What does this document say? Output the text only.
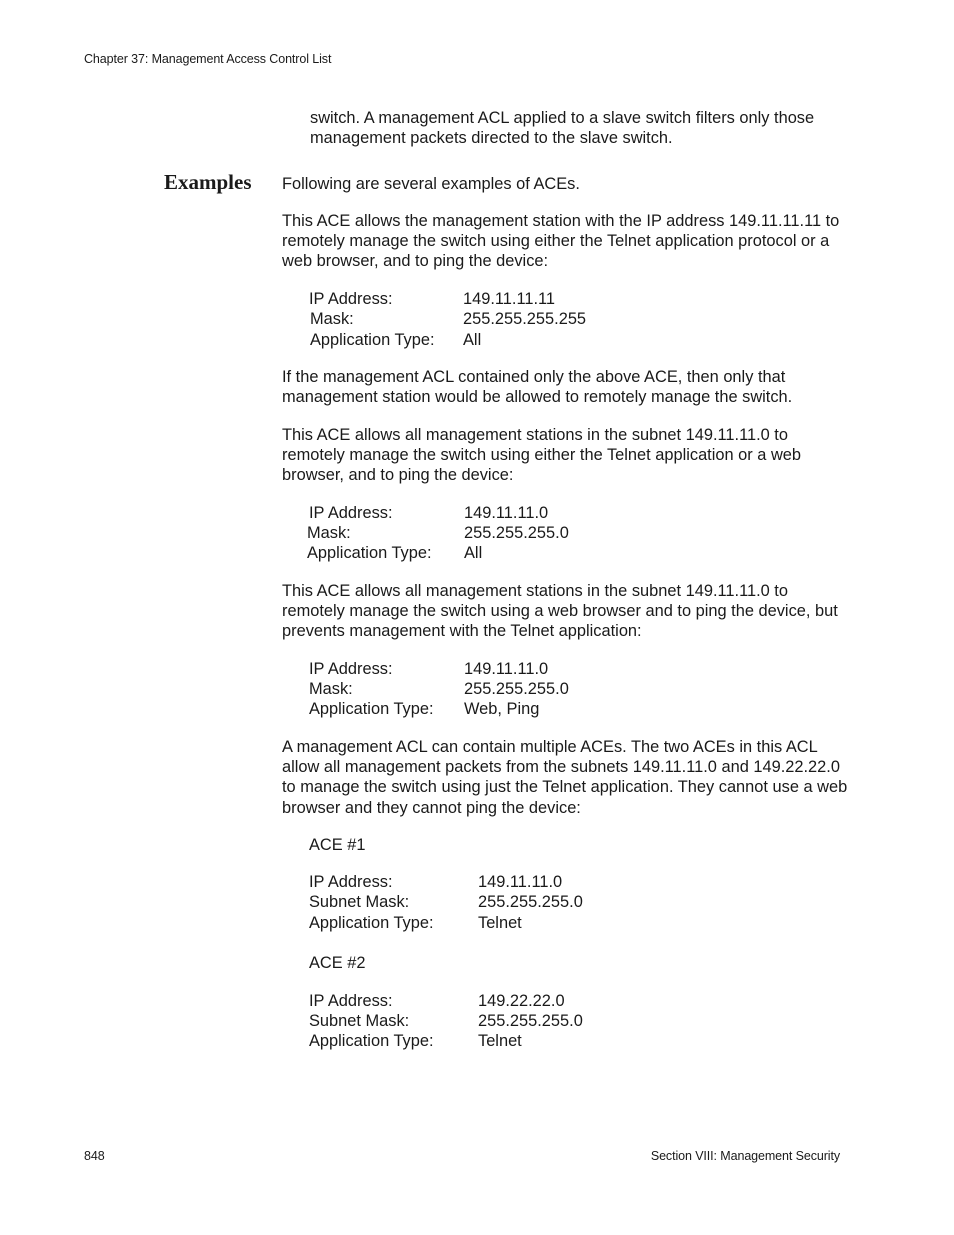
Chapter 37: Management Access Control List

switch. A management ACL applied to a slave switch filters only those management packets directed to the slave switch.

Examples Following are several examples of ACEs.

This ACE allows the management station with the IP address 149.11.11.11 to remotely manage the switch using either the Telnet application protocol or a web browser, and to ping the device:

IP Address:	149.11.11.11
Mask:	255.255.255.255
Application Type: All

If the management ACL contained only the above ACE, then only that management station would be allowed to remotely manage the switch.

This ACE allows all management stations in the subnet 149.11.11.0 to remotely manage the switch using either the Telnet application or a web browser, and to ping the device:

IP Address:	149.11.11.0
Mask:	255.255.255.0
Application Type: All

This ACE allows all management stations in the subnet 149.11.11.0 to remotely manage the switch using a web browser and to ping the device, but prevents management with the Telnet application:

IP Address:	149.11.11.0
Mask:	255.255.255.0
Application Type: Web, Ping

A management ACL can contain multiple ACEs. The two ACEs in this ACL allow all management packets from the subnets 149.11.11.0 and 149.22.22.0 to manage the switch using just the Telnet application. They cannot use a web browser and they cannot ping the device:

ACE #1
IP Address:	149.11.11.0
Subnet Mask:	255.255.255.0
Application Type:	Telnet
ACE #2
IP Address:	149.22.22.0
Subnet Mask:	255.255.255.0
Application Type:	Telnet
848	Section VIII: Management Security
